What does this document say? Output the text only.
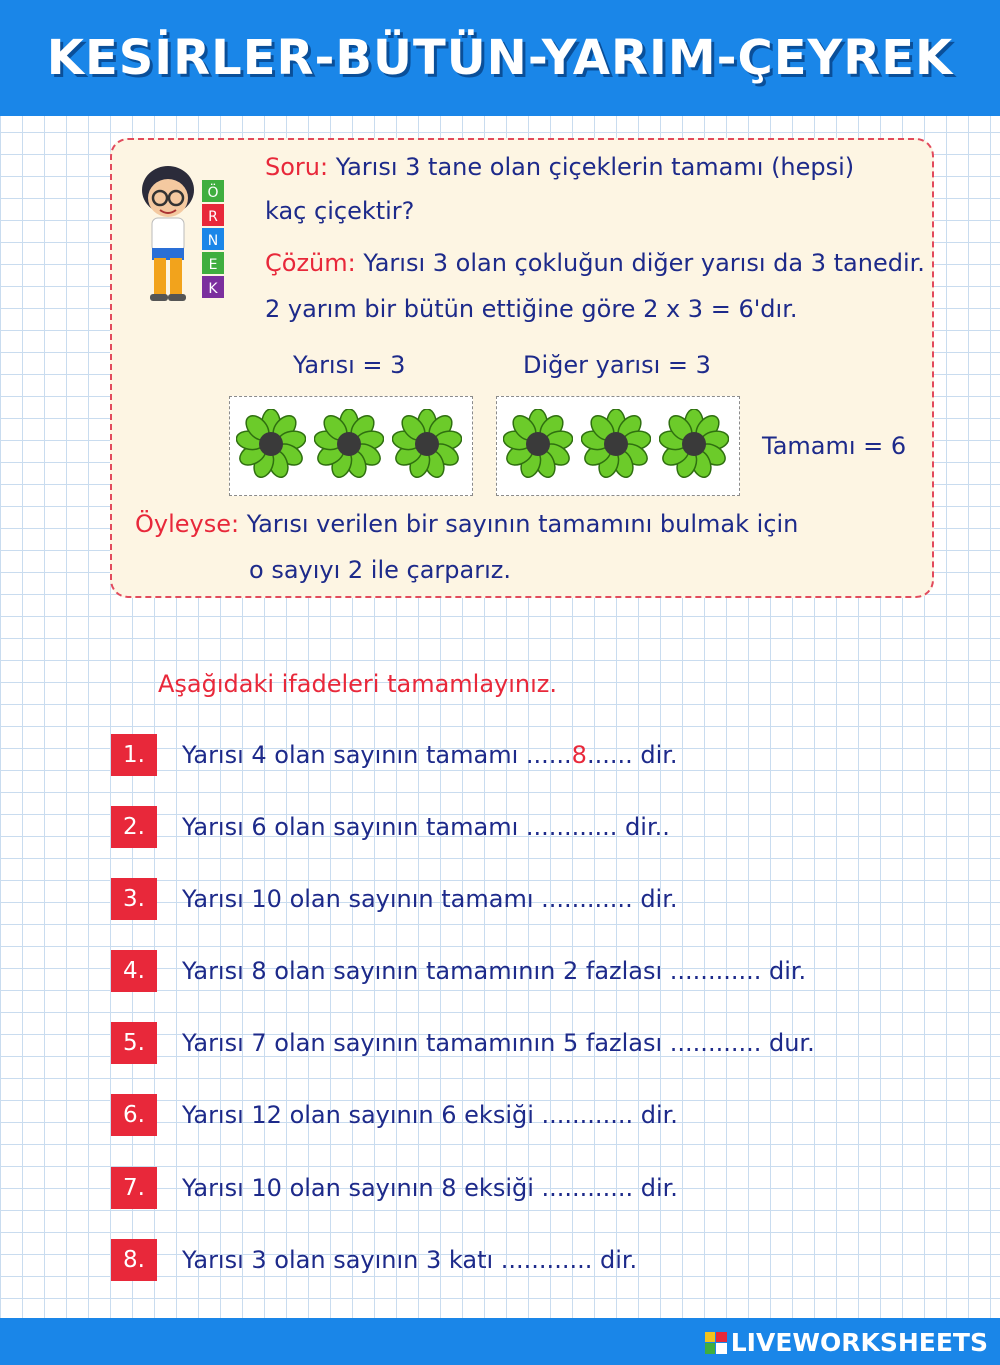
KESİRLER-BÜTÜN-YARIM-ÇEYREK
Ö
R
N
E
K
Soru: Yarısı 3 tane olan çiçeklerin tamamı (hepsi)
kaç çiçektir?
Çözüm: Yarısı 3 olan çokluğun diğer yarısı da 3 tanedir.
2 yarım bir bütün ettiğine göre 2 x 3 = 6'dır.
Yarısı = 3	Diğer yarısı = 3
Tamamı = 6
Öyleyse: Yarısı verilen bir sayının tamamını bulmak için
o sayıyı 2 ile çarparız.
Aşağıdaki ifadeleri tamamlayınız.
1.	Yarısı 4 olan sayının tamamı ......8...... dir.
2.	Yarısı 6 olan sayının tamamı ............ dir..
3.	Yarısı 10 olan sayının tamamı ............ dir.
4.	Yarısı 8 olan sayının tamamının 2 fazlası ............ dir.
5.	Yarısı 7 olan sayının tamamının 5 fazlası ............ dur.
6.	Yarısı 12 olan sayının 6 eksiği ............ dir.
7.	Yarısı 10 olan sayının 8 eksiği ............ dir.
8.	Yarısı 3 olan sayının 3 katı ............ dir.
LIVEWORKSHEETS
